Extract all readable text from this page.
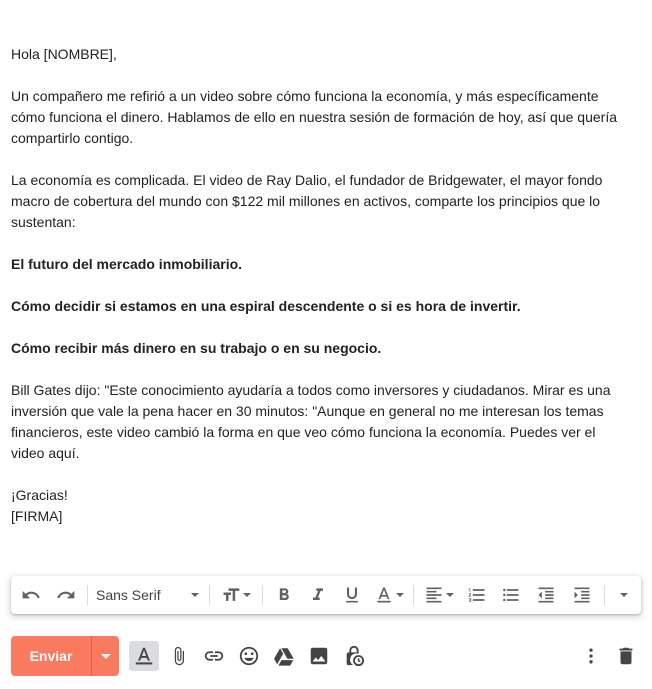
Hola [NOMBRE],

Un compañero me refirió a un video sobre cómo funciona la economía, y más específicamente

cómo funciona el dinero. Hablamos de ello en nuestra sesión de formación de hoy, así que quería

compartirlo contigo.

La economía es complicada. El video de Ray Dalio, el fundador de Bridgewater, el mayor fondo

macro de cobertura del mundo con $122 mil millones en activos, comparte los principios que lo

sustentan:

El futuro del mercado inmobiliario.

Cómo decidir si estamos en una espiral descendente o si es hora de invertir.

Cómo recibir más dinero en su trabajo o en su negocio.

Bill Gates dijo: "Este conocimiento ayudaría a todos como inversores y ciudadanos. Mirar es una

inversión que vale la pena hacer en 30 minutos: "Aunque en general no me interesan los temas

financieros, este video cambió la forma en que veo cómo funciona la economía. Puedes ver el

video aquí.

¡Gracias!

[FIRMA]

Sans Serif
Enviar
